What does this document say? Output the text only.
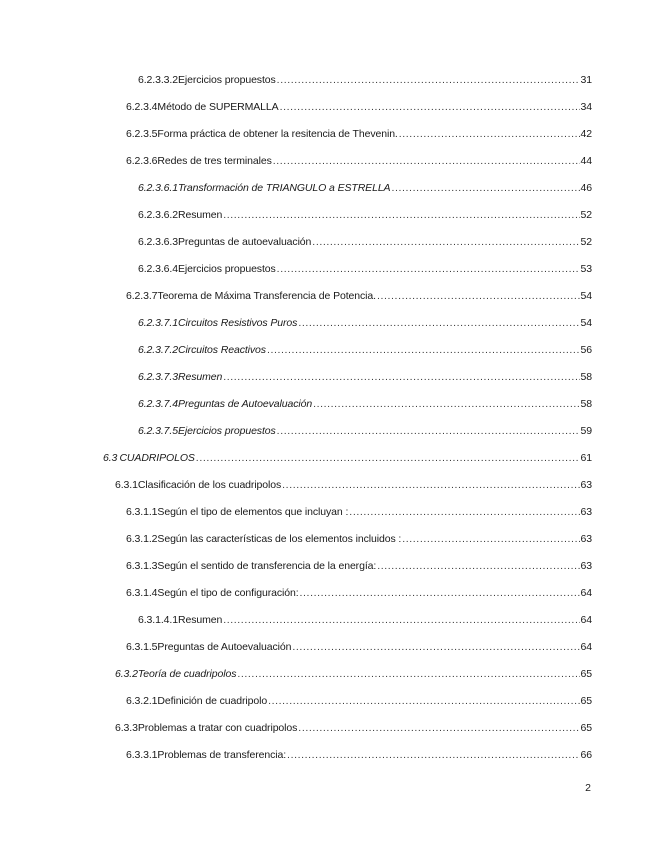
6.2.3.3.2 Ejercicios propuestos .....	31
6.2.3.4 Método de SUPERMALLA .....	34
6.2.3.5 Forma práctica de obtener la resitencia de Thevenin. .....	42
6.2.3.6 Redes de tres terminales .....	44
6.2.3.6.1 Transformación de TRIANGULO a ESTRELLA .....	46
6.2.3.6.2 Resumen .....	52
6.2.3.6.3 Preguntas de autoevaluación .....	52
6.2.3.6.4 Ejercicios propuestos .....	53
6.2.3.7 Teorema de Máxima Transferencia de Potencia. .....	54
6.2.3.7.1 Circuitos Resistivos Puros .....	54
6.2.3.7.2 Circuitos Reactivos .....	56
6.2.3.7.3 Resumen .....	58
6.2.3.7.4 Preguntas de Autoevaluación .....	58
6.2.3.7.5 Ejercicios propuestos .....	59
6.3 CUADRIPOLOS .....	61
6.3.1 Clasificación de los cuadripolos .....	63
6.3.1.1 Según el tipo de elementos que incluyan : .....	63
6.3.1.2 Según las características de los elementos incluidos : .....	63
6.3.1.3 Según el sentido de transferencia de la energía: .....	63
6.3.1.4 Según el tipo de configuración: .....	64
6.3.1.4.1 Resumen .....	64
6.3.1.5 Preguntas de Autoevaluación .....	64
6.3.2 Teoría de cuadripolos .....	65
6.3.2.1 Definición de cuadripolo .....	65
6.3.3 Problemas a tratar con cuadripolos .....	65
6.3.3.1 Problemas de transferencia: .....	66
2
